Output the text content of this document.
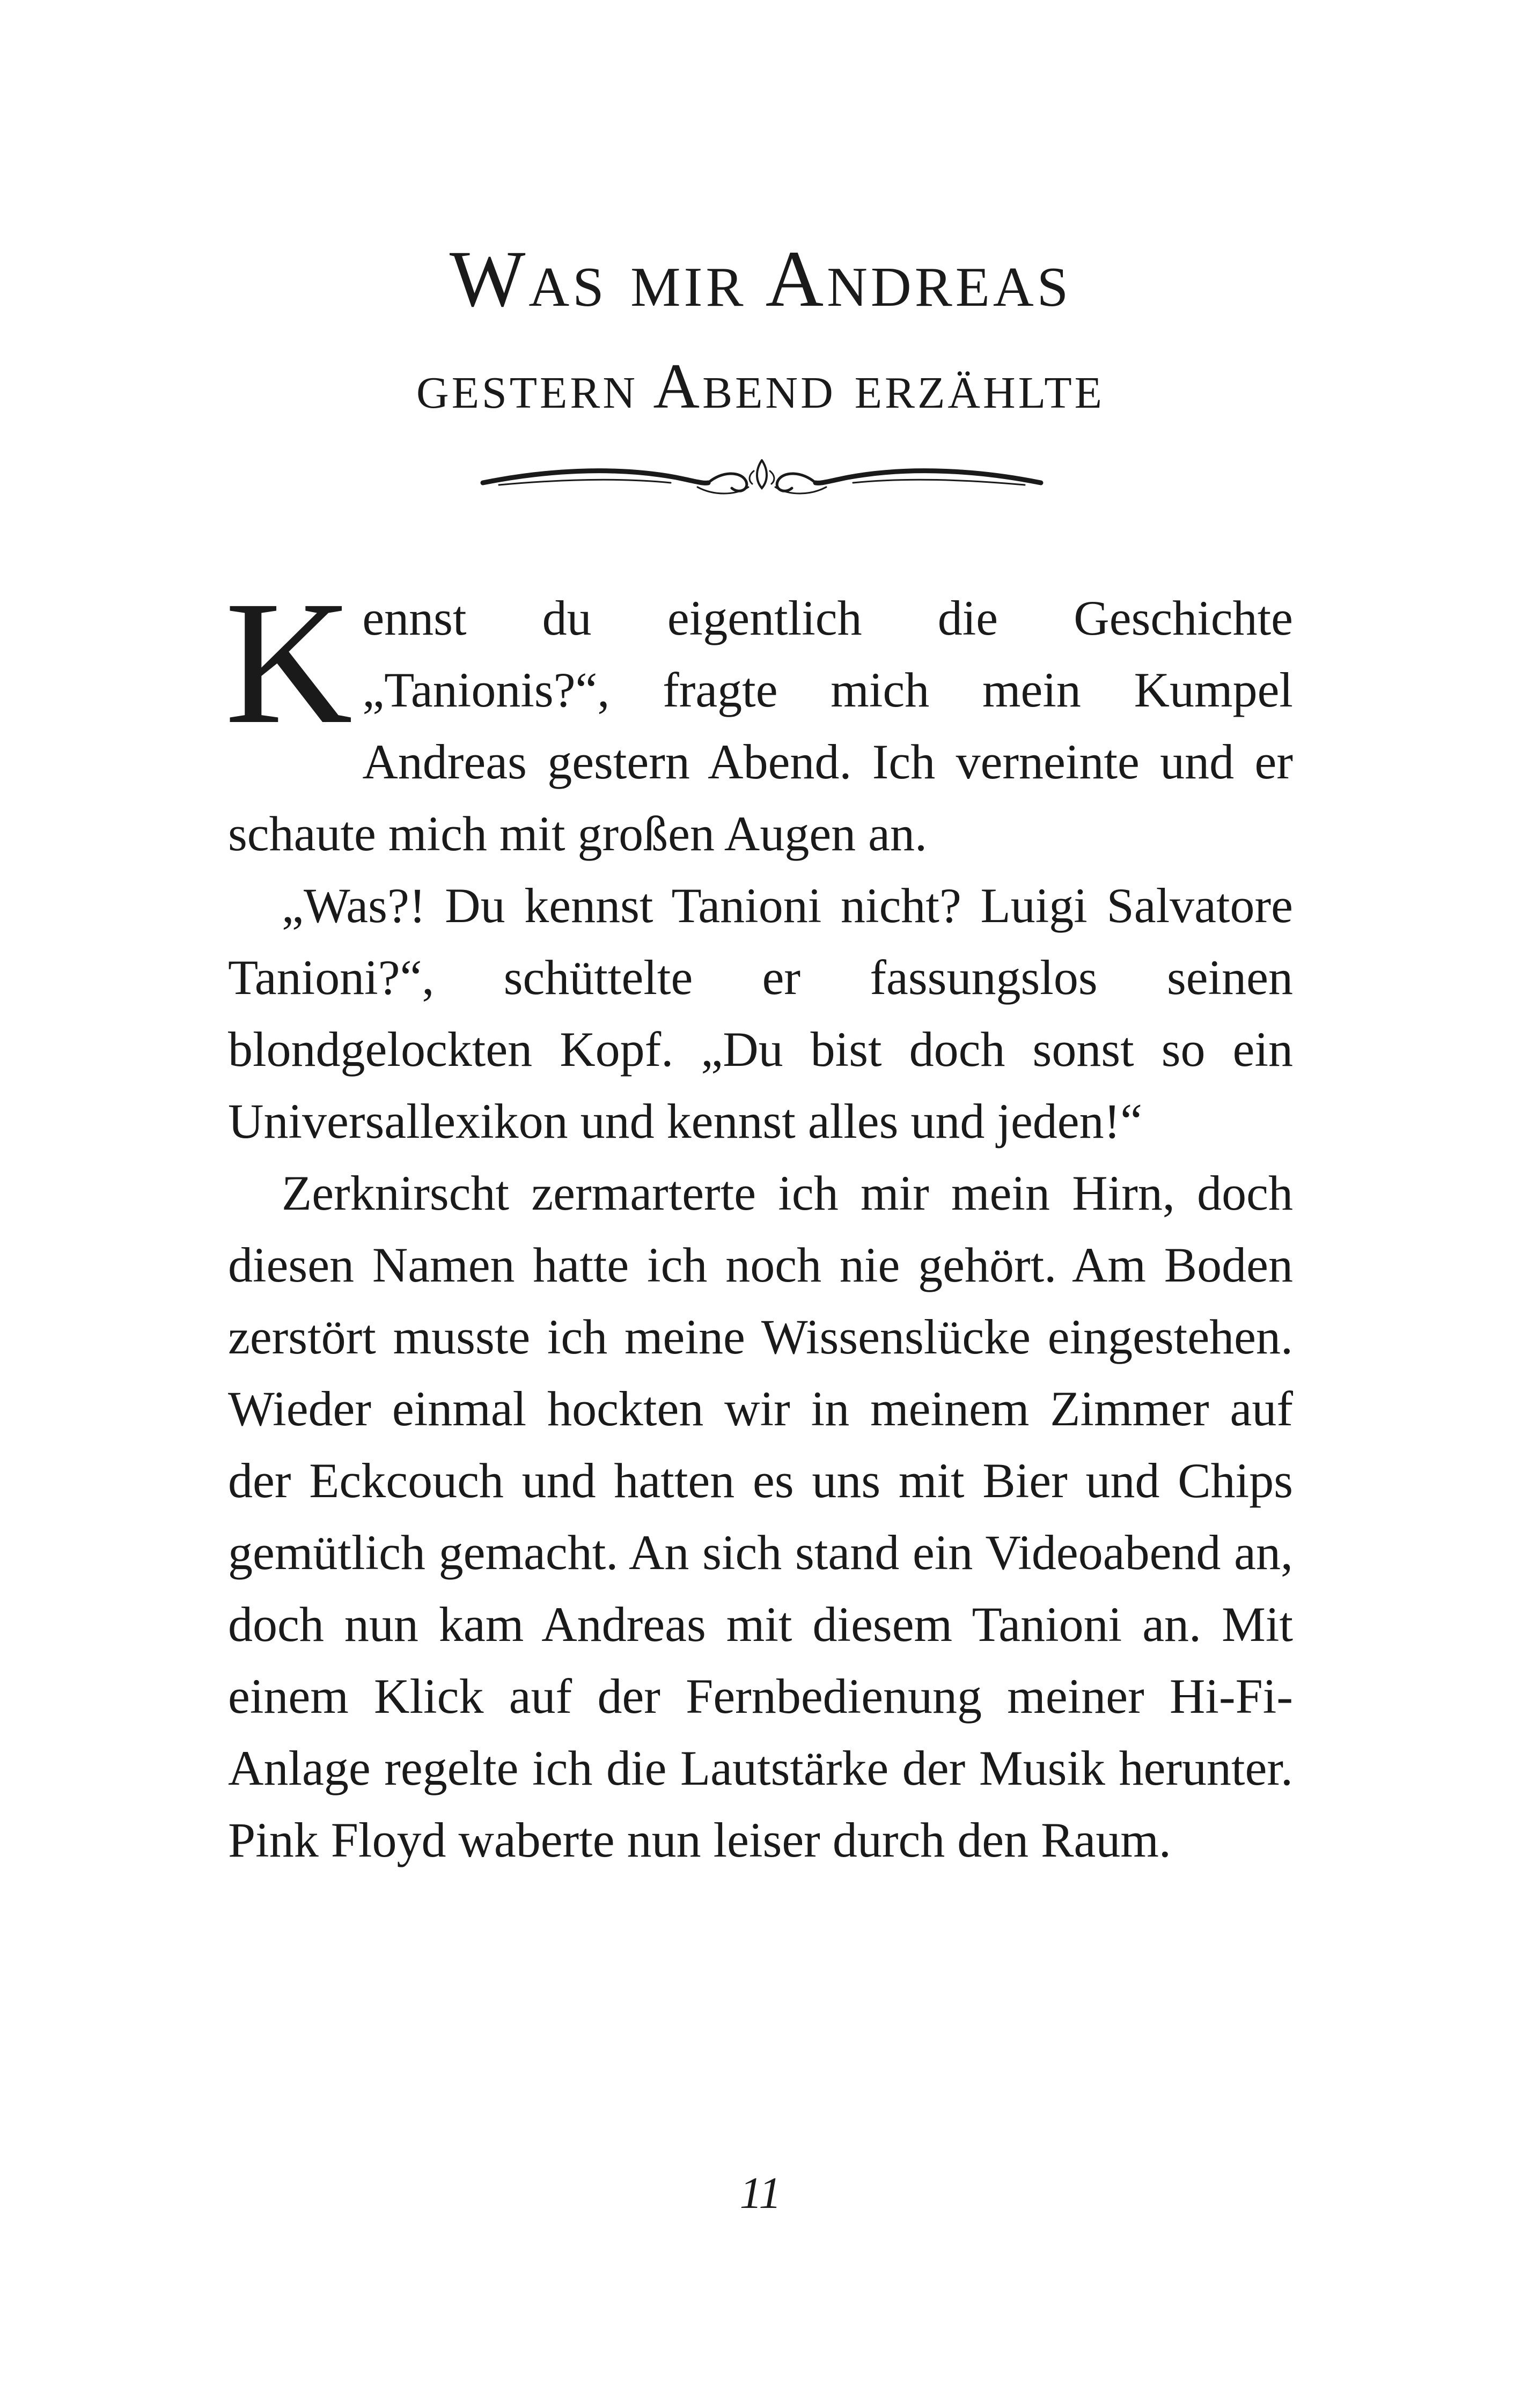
Was mir Andreas
gestern Abend erzählte

Kennst du eigentlich die Geschichte „Tanionis?“, fragte mich mein Kumpel Andreas gestern Abend. Ich verneinte und er schaute mich mit großen Augen an.

„Was?! Du kennst Tanioni nicht? Luigi Salvatore Tanioni?“, schüttelte er fassungslos seinen blondgelockten Kopf. „Du bist doch sonst so ein Universallexikon und kennst alles und jeden!“

Zerknirscht zermarterte ich mir mein Hirn, doch diesen Namen hatte ich noch nie gehört. Am Boden zerstört musste ich meine Wissenslücke eingestehen. Wieder einmal hockten wir in meinem Zimmer auf der Eckcouch und hatten es uns mit Bier und Chips gemütlich gemacht. An sich stand ein Videoabend an, doch nun kam Andreas mit diesem Tanioni an. Mit einem Klick auf der Fernbedienung meiner Hi-Fi-Anlage regelte ich die Lautstärke der Musik herunter. Pink Floyd waberte nun leiser durch den Raum.

11
